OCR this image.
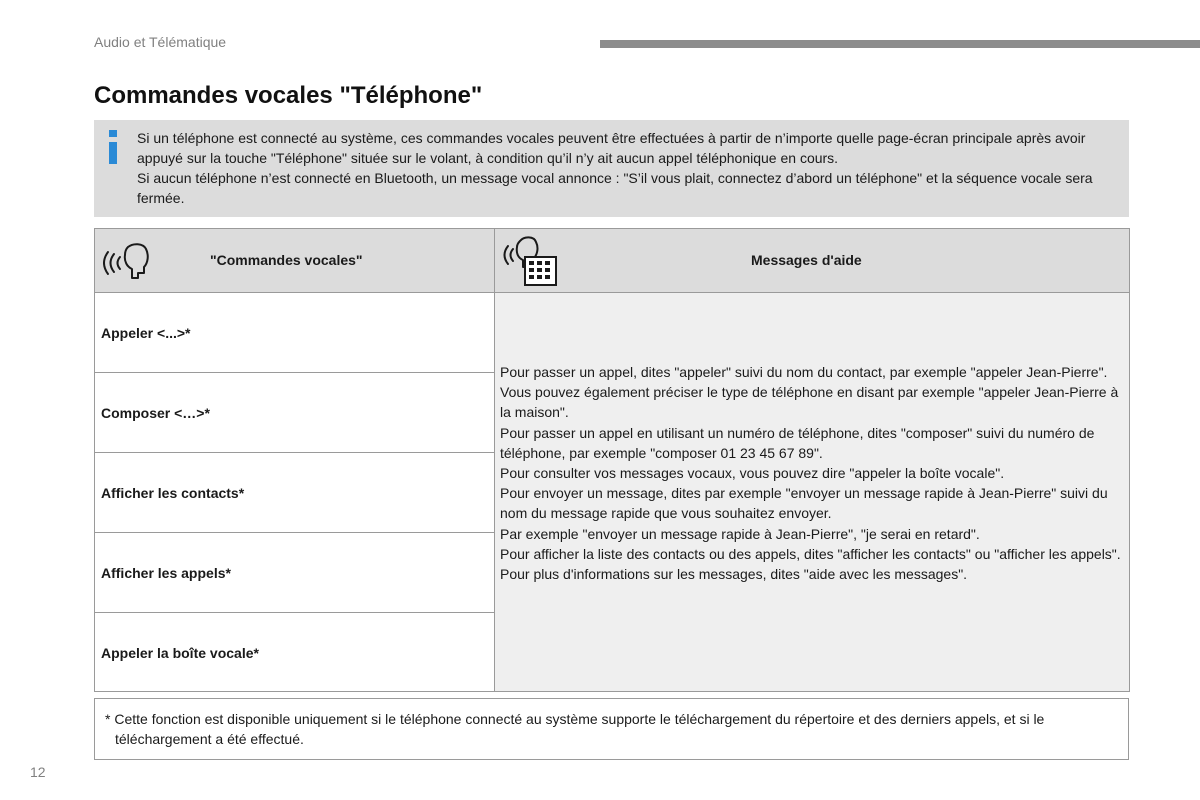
Audio et Télématique
Commandes vocales "Téléphone"

Si un téléphone est connecté au système, ces commandes vocales peuvent être effectuées à partir de n’importe quelle page-écran principale après avoir appuyé sur la touche "Téléphone" située sur le volant, à condition qu’il n’y ait aucun appel téléphonique en cours.

Si aucun téléphone n’est connecté en Bluetooth, un message vocal annonce : "S’il vous plait, connectez d’abord un téléphone" et la séquence vocale sera fermée.

"Commandes vocales"	Messages d'aide
Appeler <...>*
Composer <…>*
Afficher les contacts*
Afficher les appels*
Appeler la boîte vocale*

Pour passer un appel, dites "appeler" suivi du nom du contact, par exemple "appeler Jean-Pierre".

Vous pouvez également préciser le type de téléphone en disant par exemple "appeler Jean-Pierre à la maison".

Pour passer un appel en utilisant un numéro de téléphone, dites "composer" suivi du numéro de téléphone, par exemple "composer 01 23 45 67 89".

Pour consulter vos messages vocaux, vous pouvez dire "appeler la boîte vocale".

Pour envoyer un message, dites par exemple "envoyer un message rapide à Jean-Pierre" suivi du nom du message rapide que vous souhaitez envoyer.

Par exemple "envoyer un message rapide à Jean-Pierre", "je serai en retard".

Pour afficher la liste des contacts ou des appels, dites "afficher les contacts" ou "afficher les appels".

Pour plus d'informations sur les messages, dites "aide avec les messages".

* Cette fonction est disponible uniquement si le téléphone connecté au système supporte le téléchargement du répertoire et des derniers appels, et si le téléchargement a été effectué.
12
